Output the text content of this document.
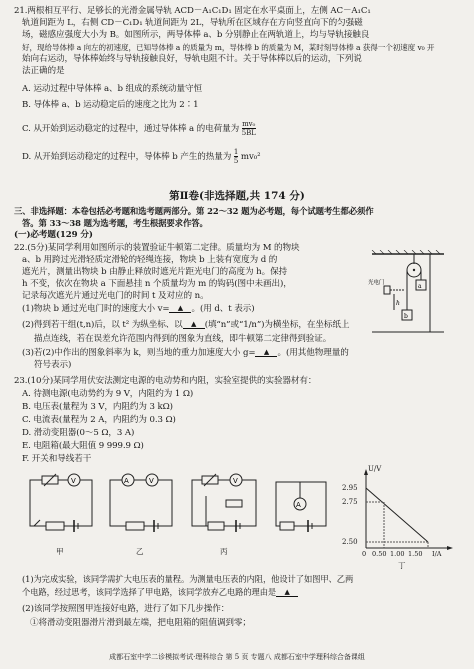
21.两根相互平行、足够长的光滑金属导轨 ACD－A₁C₁D₁ 固定在水平桌面上，左侧 AC－A₁C₁
轨道间距为 L，右侧 CD－C₁D₁ 轨道间距为 2L，导轨所在区域存在方向竖直向下的匀强磁
场，磁感应强度大小为 B。如图所示，两导体棒 a、b 分别静止在两轨道上，均与导轨接触良
好，现给导体棒 a 向左的初速度，已知导体棒 a 的质量为 m，导体棒 b 的质量为 M，某时刻导体棒 a 获得一个初速度 v₀ 开
始向右运动，导体棒始终与导轨接触良好，导轨电阻不计。关于导体棒以后的运动，下列说
法正确的是
A. 运动过程中导体棒 a、b 组成的系统动量守恒
B. 导体棒 a、b 运动稳定后的速度之比为 2∶1
C. 从开始到运动稳定的过程中，通过导体棒 a 的电荷量为 $\frac{\text{mv₀}}{5BL}$
D. 从开始到运动稳定的过程中，导体棒 b 产生的热量为 $\frac{1}{5} mv_0^2$
第Ⅱ卷(非选择题,共 174 分)
三、非选择题：本卷包括必考题和选考题两部分。第 22～32 题为必考题，每个试题考生都必须作
答。第 33～38 题为选考题，考生根据要求作答。
(一)必考题(129 分)
22.(5分)某同学利用如图所示的装置验证牛顿第二定律。质量均为 M 的物块
a、b 用跨过光滑轻质定滑轮的轻绳连接，物块 b 上装有宽度为 d 的
遮光片，测量出物块 b 由静止释放时遮光片距光电门的高度为 h。保持
h 不变，依次在物块 a 下面悬挂 n 个质量均为 m 的钩码(图中未画出)，
记录每次遮光片通过光电门的时间 t 及对应的 n。
(1)物块 b 通过光电门时的速度大小 v= ▲ 。(用 d、t 表示)
(2)得到若干组(t,n)后，以 t² 为纵坐标、以 ▲ (填“n”或“1/n”)为横坐标，在坐标纸上
描点连线，若在误差允许范围内得到的图象为直线，即牛顿第二定律得到验证。
(3)若(2)中作出的图象斜率为 k，则当地的重力加速度大小 g= ▲ 。(用其他物理量的
符号表示)
a
b
h
光电门
23.(10分)某同学用伏安法测定电源的电动势和内阻，实验室提供的实验器材有：
A. 待测电源(电动势约为 9 V，内阻约为 1 Ω)
B. 电压表(量程为 3 V，内阻约为 3 kΩ)
C. 电流表(量程为 2 A，内阻约为 0.3 Ω)
D. 滑动变阻器(0～5 Ω，3 A)
E. 电阻箱(最大阻值 9 999.9 Ω)
F. 开关和导线若干
V
甲
A	V
乙
V
丙
A
U/V
2.95
2.75
2.50
0 0.50 1.00 1.50 I/A
丁
(1)为完成实验，该同学需扩大电压表的量程。为测量电压表的内阻，他设计了如图甲、乙两
个电路，经过思考，该同学选择了甲电路，该同学放弃乙电路的理由是 ▲
(2)该同学按照图甲连接好电路，进行了如下几步操作：
①将滑动变阻器滑片滑到最左端，把电阻箱的阻值调到零；
成都石室中学二诊模拟考试·理科综合 第 5 页 专题八 成都石室中学理科综合备课组
